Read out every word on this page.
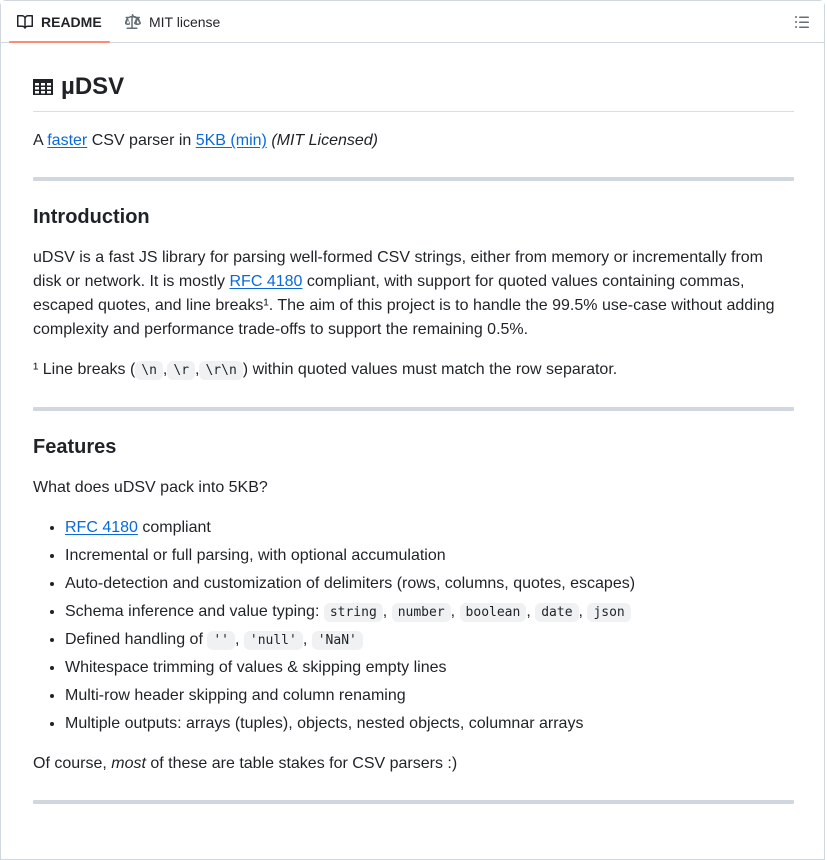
README	MIT license
µDSV

A faster CSV parser in 5KB (min) (MIT Licensed)

Introduction

uDSV is a fast JS library for parsing well-formed CSV strings, either from memory or incrementally from disk or network. It is mostly RFC 4180 compliant, with support for quoted values containing commas, escaped quotes, and line breaks¹. The aim of this project is to handle the 99.5% use-case without adding complexity and performance trade-offs to support the remaining 0.5%.

¹ Line breaks ( \n , \r , \r\n ) within quoted values must match the row separator.

Features

What does uDSV pack into 5KB?

• RFC 4180 compliant
• Incremental or full parsing, with optional accumulation
• Auto-detection and customization of delimiters (rows, columns, quotes, escapes)
• Schema inference and value typing: string , number , boolean , date , json
• Defined handling of '' , 'null' , 'NaN'
• Whitespace trimming of values & skipping empty lines
• Multi-row header skipping and column renaming
• Multiple outputs: arrays (tuples), objects, nested objects, columnar arrays

Of course, most of these are table stakes for CSV parsers :)
